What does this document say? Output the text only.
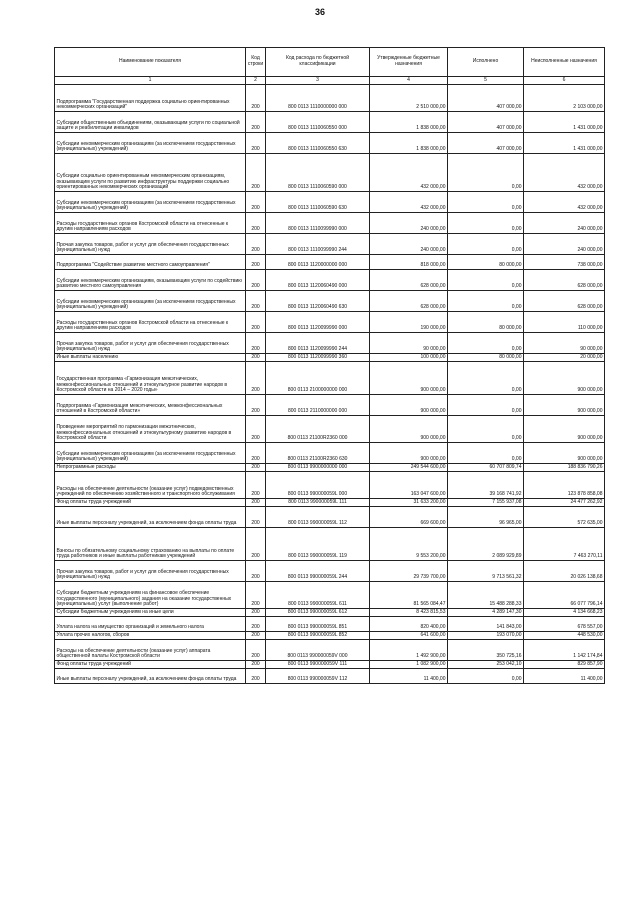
36
Наименование показателя	Код строки	Код расхода по бюджетной классификации	Утвержденные бюджетные назначения	Исполнено	Неисполненные назначения
1	2	3	4	5	6
Подпрограмма "Государственная поддержка социально ориентированных некоммерческих организаций"	200	800 0113 1110000000 000	2 510 000,00	407 000,00	2 103 000,00
Субсидии общественным объединениям, оказывающим услуги по социальной защите и реабилитации инвалидов	200	800 0113 1110060550 000	1 838 000,00	407 000,00	1 431 000,00
Субсидии некоммерческим организациям (за исключением государственных (муниципальных) учреждений)	200	800 0113 1110060550 630	1 838 000,00	407 000,00	1 431 000,00
Субсидии социально ориентированным некоммерческим организациям, оказывающим услуги по развитию инфраструктуры поддержки социально ориентированных некоммерческих организаций	200	800 0113 1110060590 000	432 000,00	0,00	432 000,00
Субсидии некоммерческим организациям (за исключением государственных (муниципальных) учреждений)	200	800 0113 1110060590 630	432 000,00	0,00	432 000,00
Расходы государственных органов Костромской области на отнесенные к другим направлениям расходов	200	800 0113 1110099990 000	240 000,00	0,00	240 000,00
Прочая закупка товаров, работ и услуг для обеспечения государственных (муниципальных) нужд	200	800 0113 1110099990 244	240 000,00	0,00	240 000,00
Подпрограмма "Содействие развитию местного самоуправления"	200	800 0113 1120000000 000	818 000,00	80 000,00	738 000,00
Субсидии некоммерческим организациям, оказывающим услуги по содействию развитию местного самоуправления	200	800 0113 1120060490 000	628 000,00	0,00	628 000,00
Субсидии некоммерческим организациям (за исключением государственных (муниципальных) учреждений)	200	800 0113 1120060490 630	628 000,00	0,00	628 000,00
Расходы государственных органов Костромской области на отнесенные к другим направлениям расходов	200	800 0113 1120099990 000	190 000,00	80 000,00	110 000,00
Прочая закупка товаров, работ и услуг для обеспечения государственных (муниципальных) нужд	200	800 0113 1120099990 244	90 000,00	0,00	90 000,00
Иные выплаты населению	200	800 0113 1120099990 360	100 000,00	80 000,00	20 000,00
Государственная программа «Гармонизация межэтнических, межконфессиональных отношений и этнокультурное развитие народов в Костромской области на 2014 – 2020 годы»	200	800 0113 2100000000 000	900 000,00	0,00	900 000,00
Подпрограмма «Гармонизация межэтнических, межконфессиональных отношений в Костромской области»	200	800 0113 2110000000 000	900 000,00	0,00	900 000,00
Проведение мероприятий по гармонизации межэтнических, межконфессиональных отношений и этнокультурному развитию народов в Костромской области	200	800 0113 21100R2360 000	900 000,00	0,00	900 000,00
Субсидии некоммерческим организациям (за исключением государственных (муниципальных) учреждений)	200	800 0113 21100R2360 630	900 000,00	0,00	900 000,00
Непрограммные расходы	200	800 0113 9900000000 000	249 544 600,00	60 707 809,74	188 836 790,26
Расходы на обеспечение деятельности (оказание услуг) подведомственных учреждений по обеспечению хозяйственного и транспортного обслуживания	200	800 0113 990000059L 000	163 047 600,00	39 168 741,92	123 878 858,08
Фонд оплаты труда учреждений	200	800 0113 990000059L 111	31 633 200,00	7 155 937,08	24 477 262,92
Иные выплаты персоналу учреждений, за исключением фонда оплаты труда	200	800 0113 990000059L 112	669 600,00	96 965,00	572 635,00
Взносы по обязательному социальному страхованию на выплаты по оплате труда работников и иные выплаты работникам учреждений	200	800 0113 990000059L 119	9 553 200,00	2 089 929,89	7 463 270,11
Прочая закупка товаров, работ и услуг для обеспечения государственных (муниципальных) нужд	200	800 0113 990000059L 244	29 739 700,00	9 713 561,32	20 026 138,68
Субсидии бюджетным учреждениям на финансовое обеспечение государственного (муниципального) задания на оказание государственных (муниципальных) услуг (выполнение работ)	200	800 0113 990000059L 611	81 565 084,47	15 488 288,33	66 077 796,14
Субсидии бюджетным учреждениям на иные цели	200	800 0113 990000059L 612	8 423 815,53	4 289 147,30	4 134 668,23
Уплата налога на имущество организаций и земельного налога	200	800 0113 990000059L 851	820 400,00	141 843,00	678 557,00
Уплата прочих налогов, сборов	200	800 0113 990000059L 852	641 600,00	193 070,00	448 530,00
Расходы на обеспечение деятельности (оказание услуг) аппарата общественной палаты Костромской области	200	800 0113 990000059V 000	1 492 900,00	350 725,16	1 142 174,84
Фонд оплаты труда учреждений	200	800 0113 990000059V 111	1 082 900,00	253 042,10	829 857,90
Иные выплаты персоналу учреждений, за исключением фонда оплаты труда	200	800 0113 990000059V 112	11 400,00	0,00	11 400,00
